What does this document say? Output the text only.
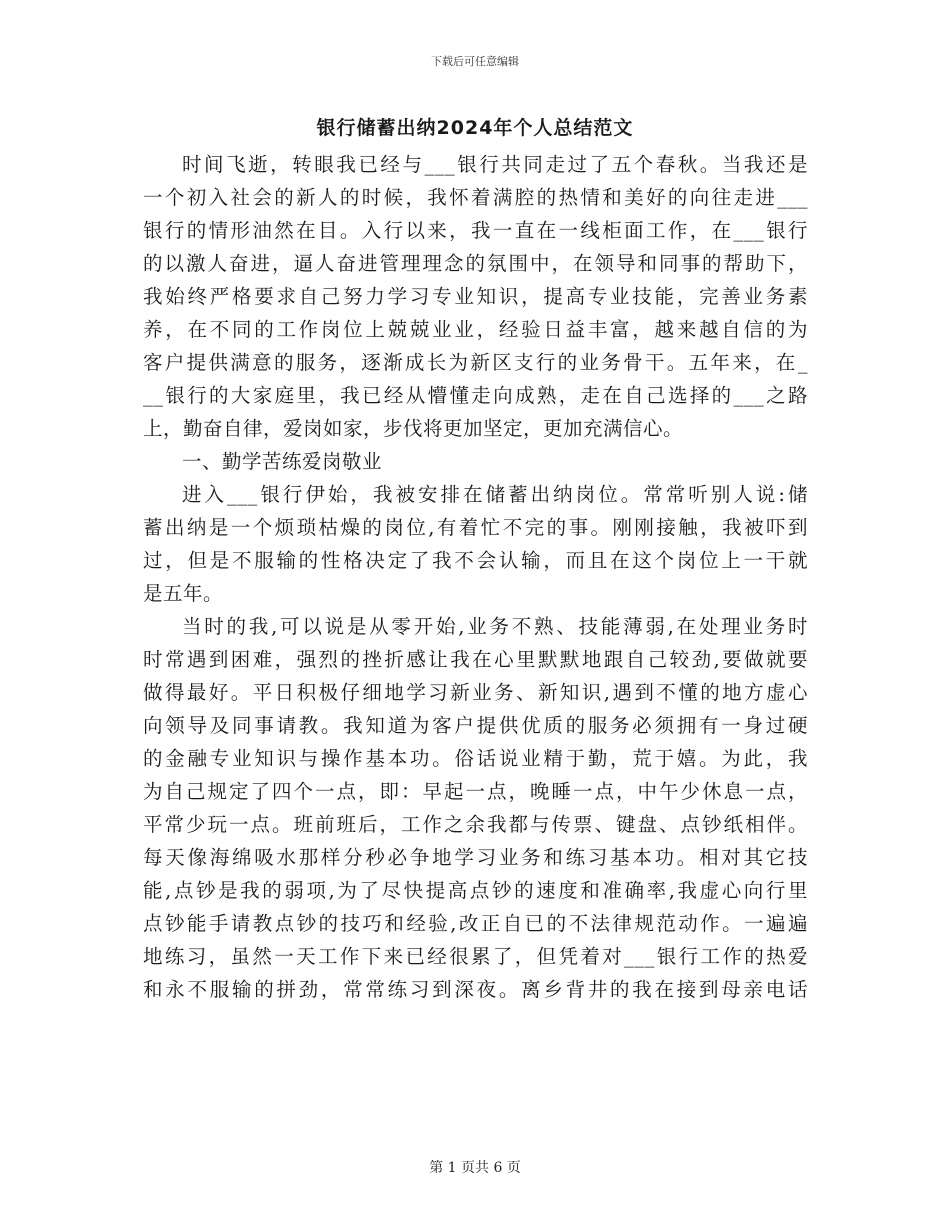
下载后可任意编辑
银行储蓄出纳2024年个人总结范文
时间飞逝，转眼我已经与___银行共同走过了五个春秋。当我还是
一个初入社会的新人的时候，我怀着满腔的热情和美好的向往走进___
银行的情形油然在目。入行以来，我一直在一线柜面工作，在___银行
的以激人奋进，逼人奋进管理理念的氛围中，在领导和同事的帮助下，
我始终严格要求自己努力学习专业知识，提高专业技能，完善业务素
养，在不同的工作岗位上兢兢业业，经验日益丰富，越来越自信的为
客户提供满意的服务，逐渐成长为新区支行的业务骨干。五年来，在_
__银行的大家庭里，我已经从懵懂走向成熟，走在自己选择的___之路
上，勤奋自律，爱岗如家，步伐将更加坚定，更加充满信心。
一、勤学苦练爱岗敬业
进入___银行伊始，我被安排在储蓄出纳岗位。常常听别人说:储
蓄出纳是一个烦琐枯燥的岗位,有着忙不完的事。刚刚接触，我被吓到
过，但是不服输的性格决定了我不会认输，而且在这个岗位上一干就
是五年。
当时的我,可以说是从零开始,业务不熟、技能薄弱,在处理业务时
时常遇到困难，强烈的挫折感让我在心里默默地跟自己较劲,要做就要
做得最好。平日积极仔细地学习新业务、新知识,遇到不懂的地方虚心
向领导及同事请教。我知道为客户提供优质的服务必须拥有一身过硬
的金融专业知识与操作基本功。俗话说业精于勤，荒于嬉。为此，我
为自己规定了四个一点，即：早起一点，晚睡一点，中午少休息一点，
平常少玩一点。班前班后，工作之余我都与传票、键盘、点钞纸相伴。
每天像海绵吸水那样分秒必争地学习业务和练习基本功。相对其它技
能,点钞是我的弱项,为了尽快提高点钞的速度和准确率,我虚心向行里
点钞能手请教点钞的技巧和经验,改正自已的不法律规范动作。一遍遍
地练习，虽然一天工作下来已经很累了，但凭着对___银行工作的热爱
和永不服输的拼劲，常常练习到深夜。离乡背井的我在接到母亲电话
第 1 页共 6 页
